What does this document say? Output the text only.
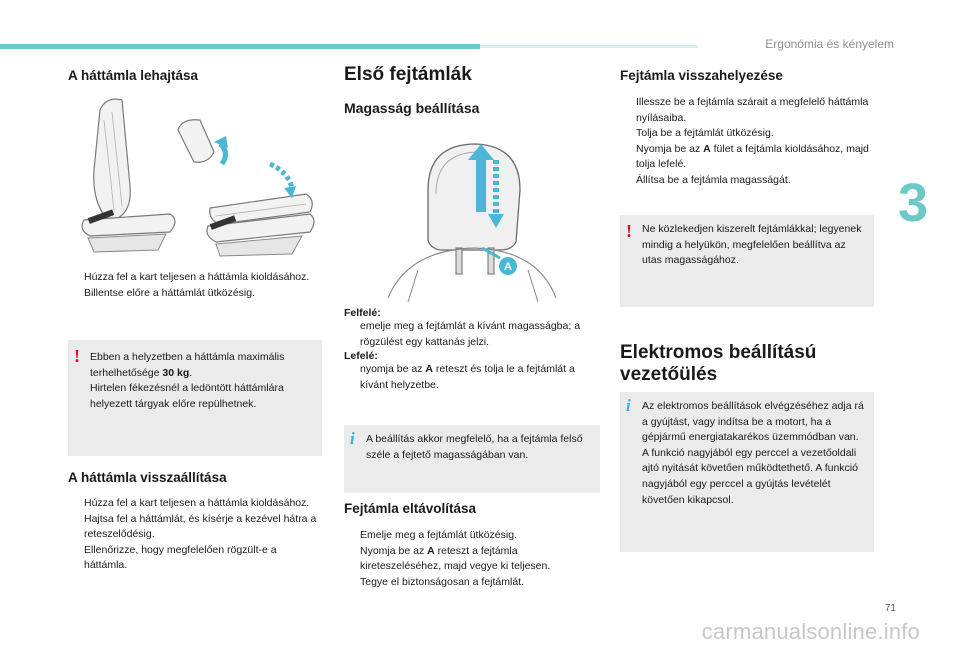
Ergonómia és kényelem
3
71
A háttámla lehajtása
Húzza fel a kart teljesen a háttámla kioldásához.
Billentse előre a háttámlát ütközésig.
! Ebben a helyzetben a háttámla maximális terhelhetősége 30 kg.
Hirtelen fékezésnél a ledöntött háttámlára helyezett tárgyak előre repülhetnek.
A háttámla visszaállítása
Húzza fel a kart teljesen a háttámla kioldásához.
Hajtsa fel a háttámlát, és kísérje a kezével hátra a reteszelődésig.
Ellenőrizze, hogy megfelelően rögzült-e a háttámla.
Első fejtámlák
Magasság beállítása
A
Felfelé:
emelje meg a fejtámlát a kívánt magasságba; a rögzülést egy kattanás jelzi.
Lefelé:
nyomja be az A reteszt és tolja le a fejtámlát a kívánt helyzetbe.
i A beállítás akkor megfelelő, ha a fejtámla felső széle a fejtető magasságában van.
Fejtámla eltávolítása
Emelje meg a fejtámlát ütközésig.
Nyomja be az A reteszt a fejtámla kireteszeléséhez, majd vegye ki teljesen.
Tegye el biztonságosan a fejtámlát.
Fejtámla visszahelyezése
Illessze be a fejtámla szárait a megfelelő háttámla nyílásaiba.
Tolja be a fejtámlát ütközésig.
Nyomja be az A fület a fejtámla kioldásához, majd tolja lefelé.
Állítsa be a fejtámla magasságát.
! Ne közlekedjen kiszerelt fejtámlákkal; legyenek mindig a helyükön, megfelelően beállítva az utas magasságához.
Elektromos beállítású vezetőülés
i Az elektromos beállítások elvégzéséhez adja rá a gyújtást, vagy indítsa be a motort, ha a gépjármű energiatakarékos üzemmódban van. A funkció nagyjából egy perccel a vezetőoldali ajtó nyitását követően működtethető. A funkció nagyjából egy perccel a gyújtás levételét követően kikapcsol.
carmanualsonline.info
